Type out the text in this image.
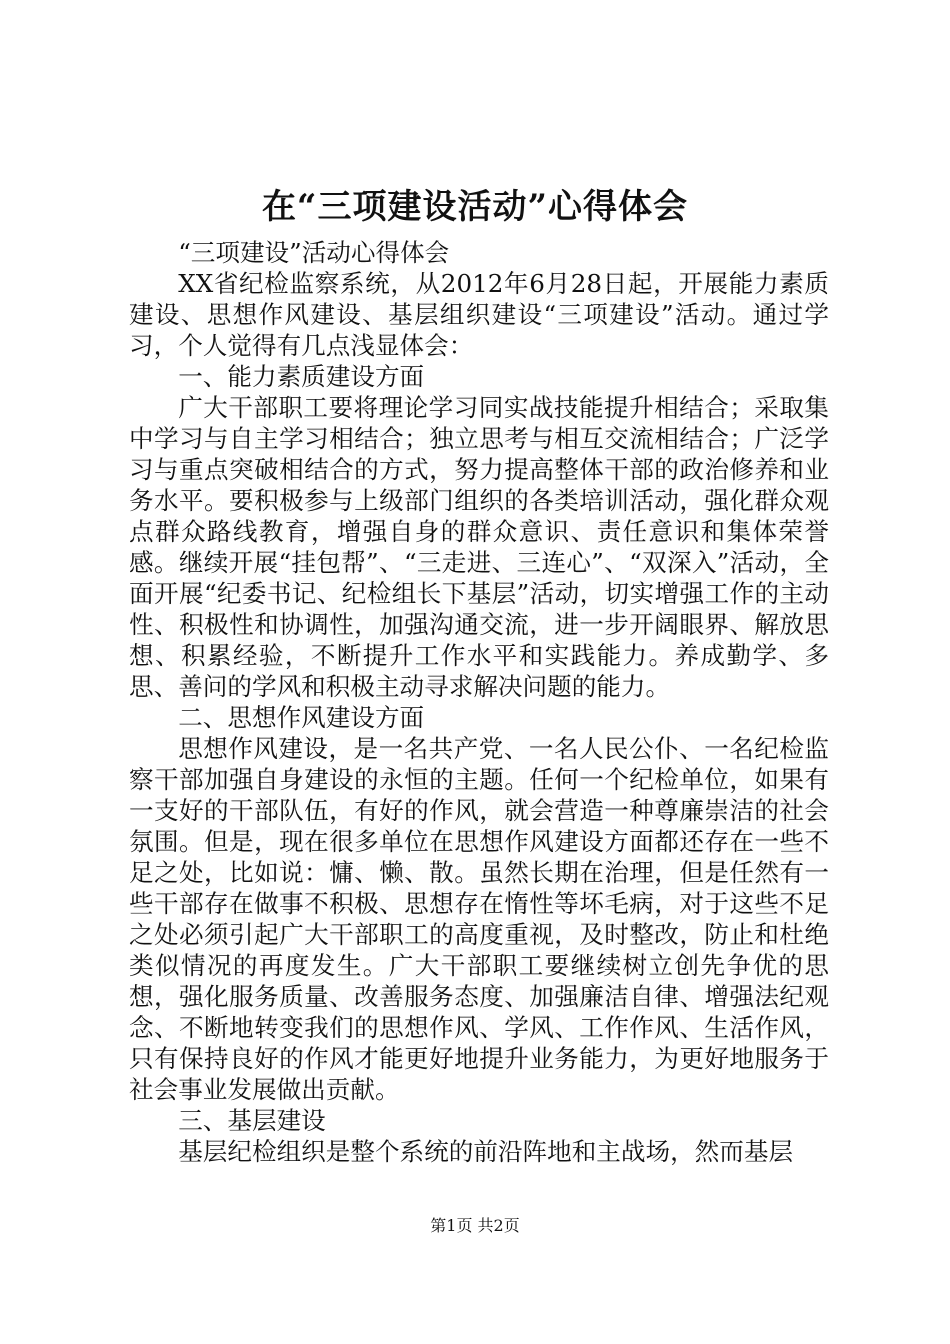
在“三项建设活动”心得体会

“三项建设”活动心得体会

XX省纪检监察系统，从2012年6月28日起，开展能力素质建设、思想作风建设、基层组织建设“三项建设”活动。通过学习，个人觉得有几点浅显体会：

一、能力素质建设方面

广大干部职工要将理论学习同实战技能提升相结合；采取集中学习与自主学习相结合；独立思考与相互交流相结合；广泛学习与重点突破相结合的方式，努力提高整体干部的政治修养和业务水平。要积极参与上级部门组织的各类培训活动，强化群众观点群众路线教育，增强自身的群众意识、责任意识和集体荣誉感。继续开展“挂包帮”、“三走进、三连心”、“双深入”活动，全面开展“纪委书记、纪检组长下基层”活动，切实增强工作的主动性、积极性和协调性，加强沟通交流，进一步开阔眼界、解放思想、积累经验，不断提升工作水平和实践能力。养成勤学、多思、善问的学风和积极主动寻求解决问题的能力。

二、思想作风建设方面

思想作风建设，是一名共产党、一名人民公仆、一名纪检监察干部加强自身建设的永恒的主题。任何一个纪检单位，如果有一支好的干部队伍，有好的作风，就会营造一种尊廉崇洁的社会氛围。但是，现在很多单位在思想作风建设方面都还存在一些不足之处，比如说：慵、懒、散。虽然长期在治理，但是任然有一些干部存在做事不积极、思想存在惰性等坏毛病，对于这些不足之处必须引起广大干部职工的高度重视，及时整改，防止和杜绝类似情况的再度发生。广大干部职工要继续树立创先争优的思想，强化服务质量、改善服务态度、加强廉洁自律、增强法纪观念、不断地转变我们的思想作风、学风、工作作风、生活作风，只有保持良好的作风才能更好地提升业务能力，为更好地服务于社会事业发展做出贡献。

三、基层建设

基层纪检组织是整个系统的前沿阵地和主战场，然而基层

第1页 共2页
